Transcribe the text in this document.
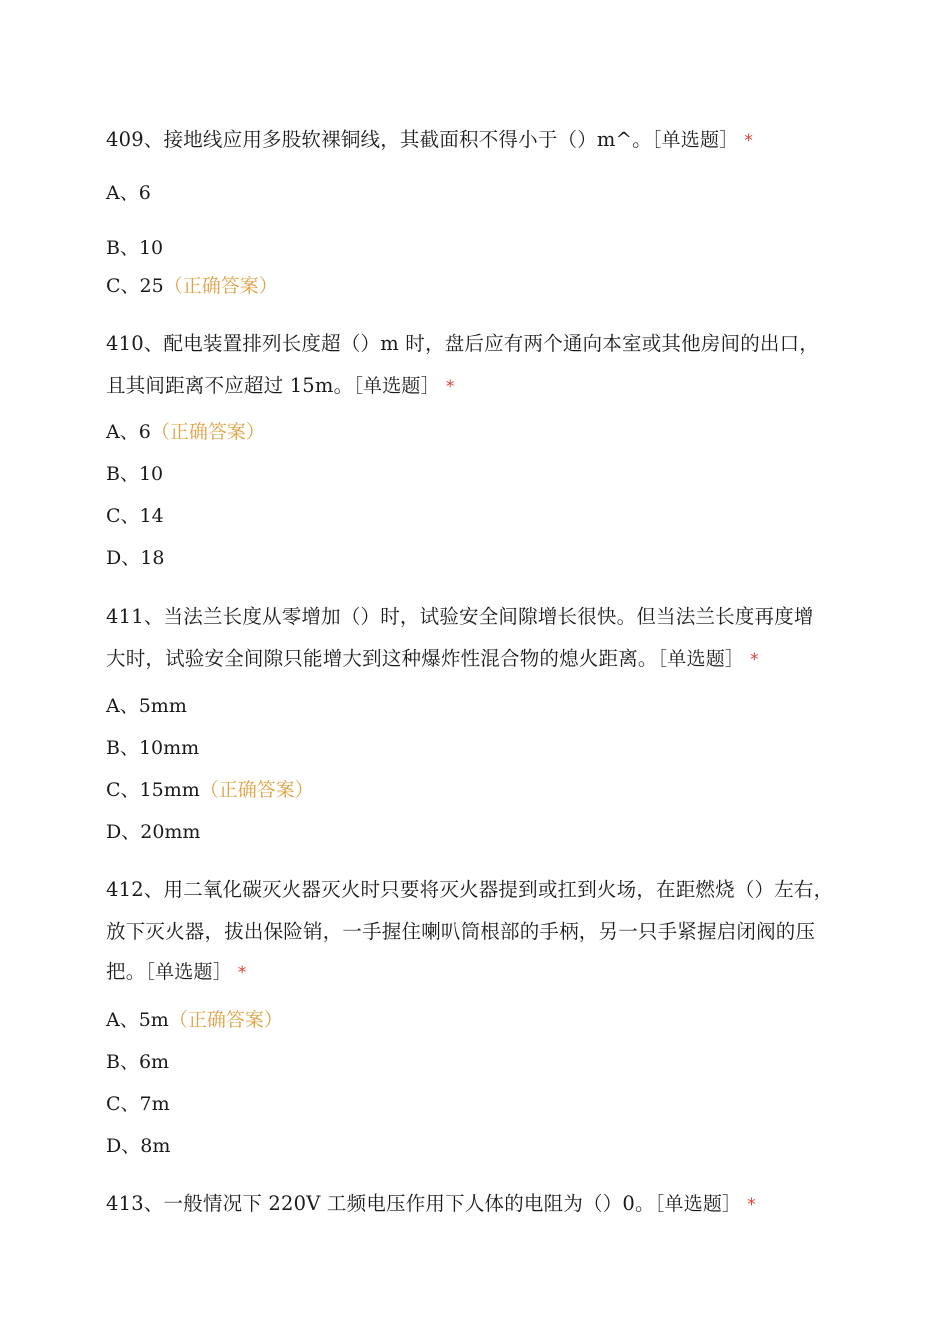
409、接地线应用多股软裸铜线，其截面积不得小于（）m^。［单选题］ *
A、6
B、10
C、25（正确答案）
410、配电装置排列长度超（）m 时，盘后应有两个通向本室或其他房间的出口，
且其间距离不应超过 15m。［单选题］ *
A、6（正确答案）
B、10
C、14
D、18
411、当法兰长度从零增加（）时，试验安全间隙增长很快。但当法兰长度再度增
大时，试验安全间隙只能增大到这种爆炸性混合物的熄火距离。［单选题］ *
A、5mm
B、10mm
C、15mm（正确答案）
D、20mm
412、用二氧化碳灭火器灭火时只要将灭火器提到或扛到火场，在距燃烧（）左右，
放下灭火器，拔出保险销，一手握住喇叭筒根部的手柄，另一只手紧握启闭阀的压
把。［单选题］ *
A、5m（正确答案）
B、6m
C、7m
D、8m
413、一般情况下 220V 工频电压作用下人体的电阻为（）0。［单选题］ *
